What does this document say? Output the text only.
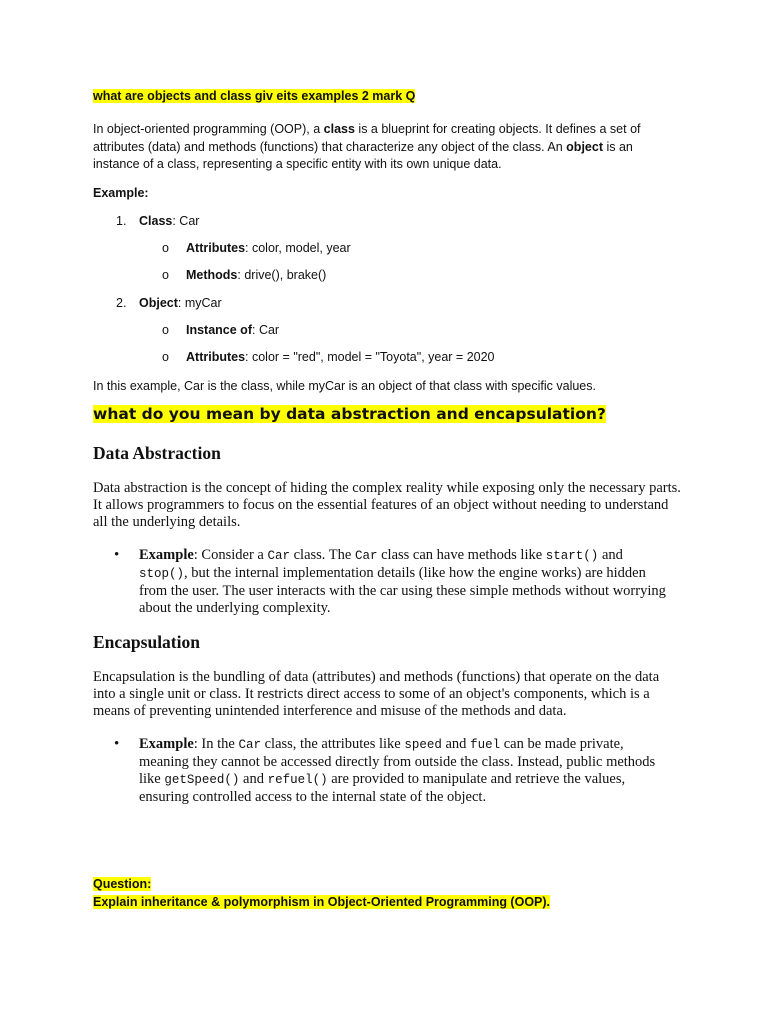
what are objects and class giv eits examples 2 mark Q
In object-oriented programming (OOP), a class is a blueprint for creating objects. It defines a set of attributes (data) and methods (functions) that characterize any object of the class. An object is an instance of a class, representing a specific entity with its own unique data.
Example:
1. Class: Car
o Attributes: color, model, year
o Methods: drive(), brake()
2. Object: myCar
o Instance of: Car
o Attributes: color = "red", model = "Toyota", year = 2020
In this example, Car is the class, while myCar is an object of that class with specific values.
what do you mean by data abstraction and encapsulation?
Data Abstraction
Data abstraction is the concept of hiding the complex reality while exposing only the necessary parts. It allows programmers to focus on the essential features of an object without needing to understand all the underlying details.
• Example: Consider a Car class. The Car class can have methods like start() and
stop(), but the internal implementation details (like how the engine works) are hidden from the user. The user interacts with the car using these simple methods without worrying about the underlying complexity.
Encapsulation
Encapsulation is the bundling of data (attributes) and methods (functions) that operate on the data into a single unit or class. It restricts direct access to some of an object's components, which is a means of preventing unintended interference and misuse of the methods and data.
• Example: In the Car class, the attributes like speed and fuel can be made private, meaning they cannot be accessed directly from outside the class. Instead, public methods like getSpeed() and refuel() are provided to manipulate and retrieve the values, ensuring controlled access to the internal state of the object.
Question:
Explain inheritance & polymorphism in Object-Oriented Programming (OOP).
